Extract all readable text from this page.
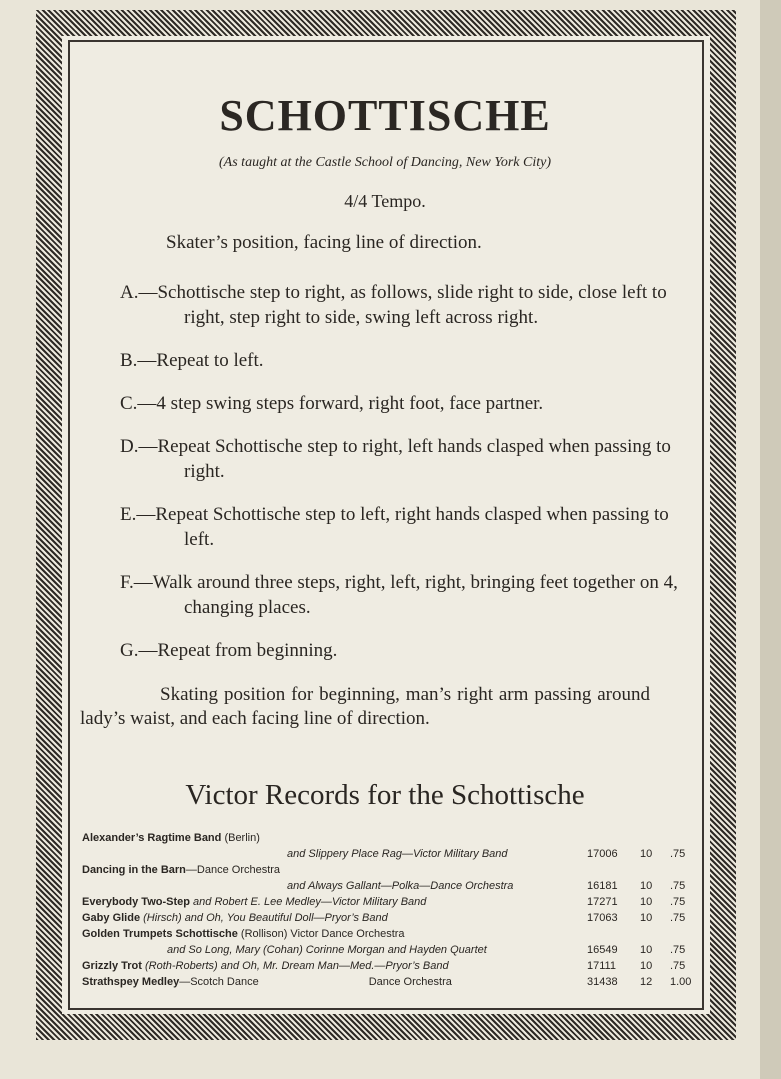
SCHOTTISCHE
(As taught at the Castle School of Dancing, New York City)
4/4 Tempo.
Skater’s position, facing line of direction.
A.—Schottische step to right, as follows, slide right to side, close left to right, step right to side, swing left across right.
B.—Repeat to left.
C.—4 step swing steps forward, right foot, face partner.
D.—Repeat Schottische step to right, left hands clasped when passing to right.
E.—Repeat Schottische step to left, right hands clasped when passing to left.
F.—Walk around three steps, right, left, right, bringing feet together on 4, changing places.
G.—Repeat from beginning.
Skating position for beginning, man’s right arm passing around lady’s waist, and each facing line of direction.
Victor Records for the Schottische
Alexander’s Ragtime Band (Berlin)
and Slippery Place Rag—Victor Military Band	17006 10 .75
Dancing in the Barn—Dance Orchestra
and Always Gallant—Polka—Dance Orchestra	16181 10 .75
Everybody Two-Step and Robert E. Lee Medley—Victor Military Band	17271 10 .75
Gaby Glide (Hirsch) and Oh, You Beautiful Doll—Pryor’s Band	17063 10 .75
Golden Trumpets Schottische (Rollison) Victor Dance Orchestra
and So Long, Mary (Cohan) Corinne Morgan and Hayden Quartet	16549 10 .75
Grizzly Trot (Roth-Roberts) and Oh, Mr. Dream Man—Med.—Pryor’s Band	17111 10 .75
Strathspey Medley—Scotch Dance                                    Dance Orchestra	31438 12 1.00
